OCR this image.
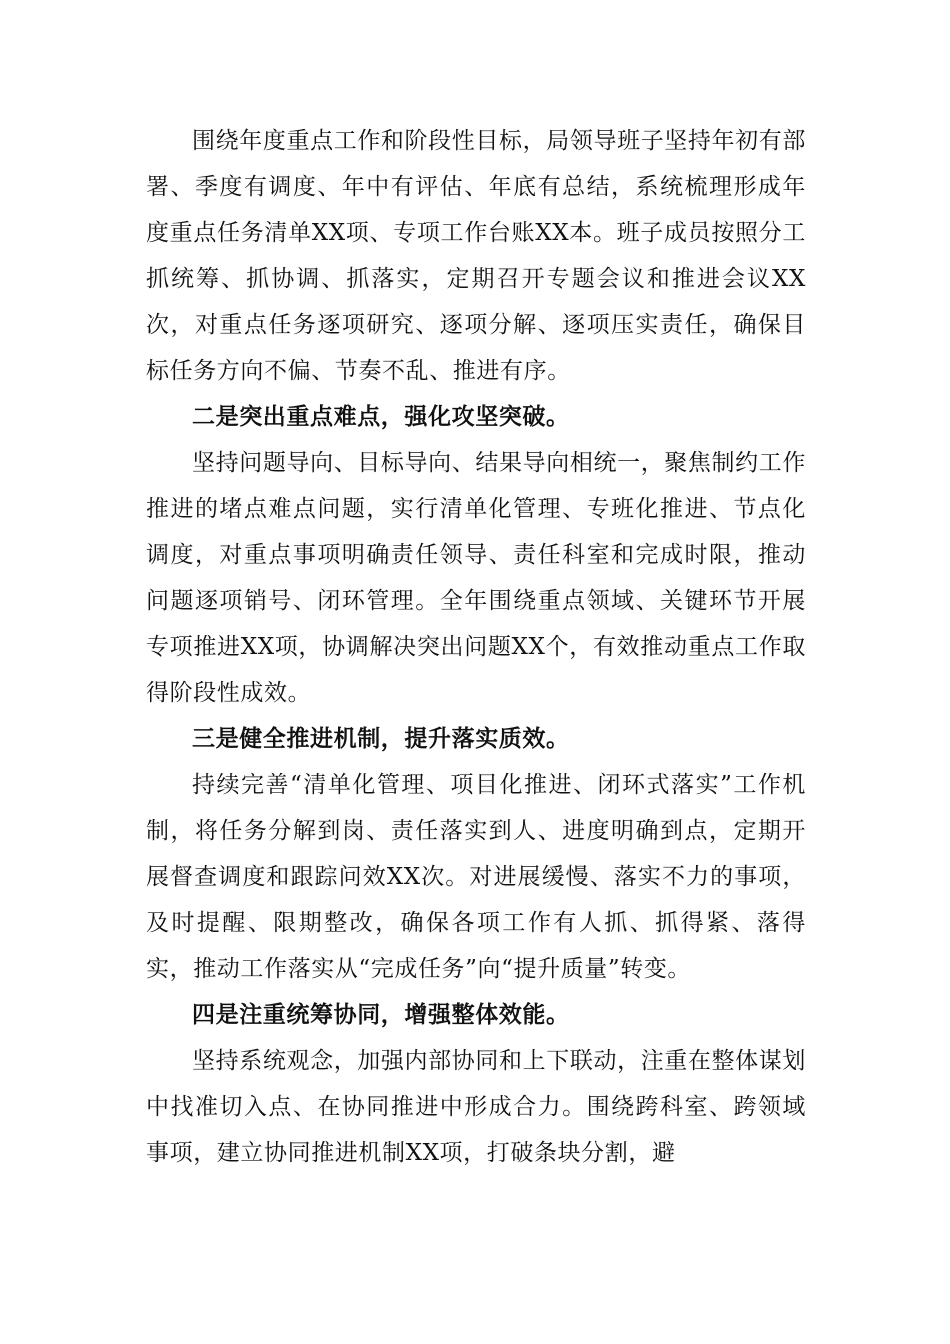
围绕年度重点工作和阶段性目标，局领导班子坚持年初有部署、季度有调度、年中有评估、年底有总结，系统梳理形成年度重点任务清单XX项、专项工作台账XX本。班子成员按照分工抓统筹、抓协调、抓落实，定期召开专题会议和推进会议XX次，对重点任务逐项研究、逐项分解、逐项压实责任，确保目标任务方向不偏、节奏不乱、推进有序。

二是突出重点难点，强化攻坚突破。

坚持问题导向、目标导向、结果导向相统一，聚焦制约工作推进的堵点难点问题，实行清单化管理、专班化推进、节点化调度，对重点事项明确责任领导、责任科室和完成时限，推动问题逐项销号、闭环管理。全年围绕重点领域、关键环节开展专项推进XX项，协调解决突出问题XX个，有效推动重点工作取得阶段性成效。

三是健全推进机制，提升落实质效。

持续完善“清单化管理、项目化推进、闭环式落实”工作机制，将任务分解到岗、责任落实到人、进度明确到点，定期开展督查调度和跟踪问效XX次。对进展缓慢、落实不力的事项，及时提醒、限期整改，确保各项工作有人抓、抓得紧、落得实，推动工作落实从“完成任务”向“提升质量”转变。

四是注重统筹协同，增强整体效能。

坚持系统观念，加强内部协同和上下联动，注重在整体谋划中找准切入点、在协同推进中形成合力。围绕跨科室、跨领域事项，建立协同推进机制XX项，打破条块分割，避
